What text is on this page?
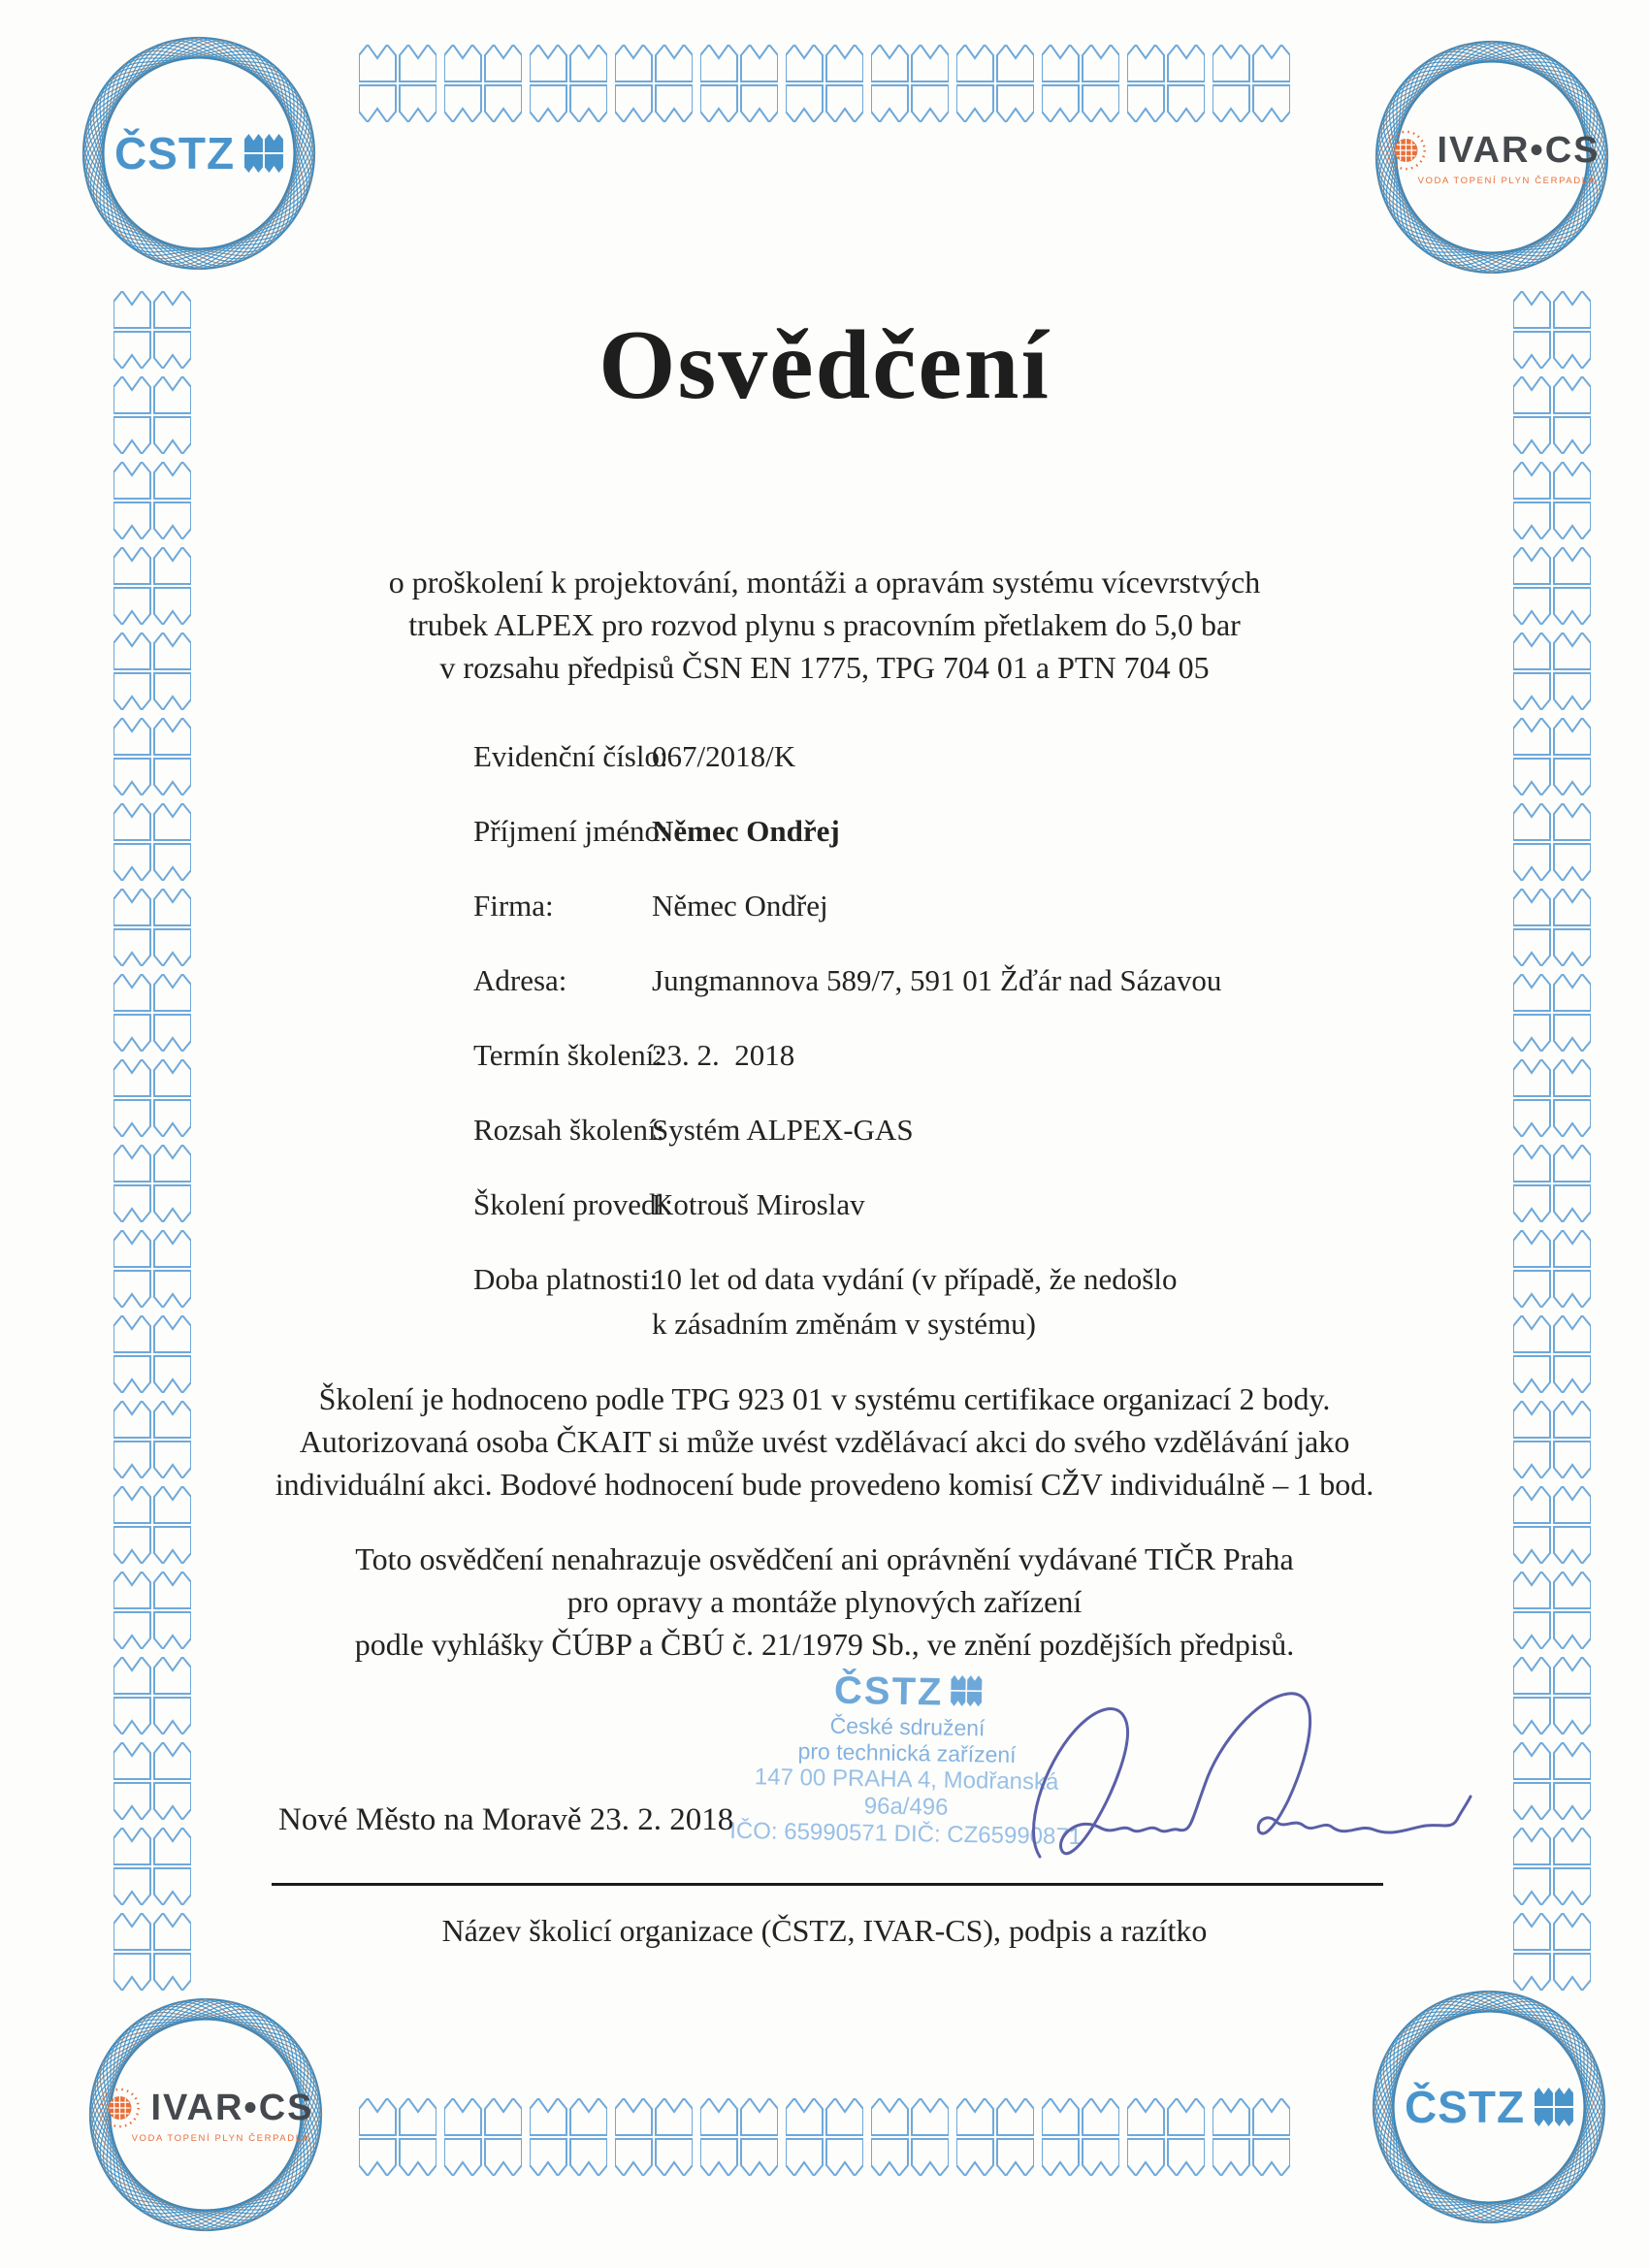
ČSTZ	IVAR•CS
VODA TOPENÍ PLYN ČERPADLA
IVAR•CS
VODA TOPENÍ PLYN ČERPADLA
ČSTZ
Osvědčení
o proškolení k projektování, montáži a opravám systému vícevrstvých
trubek ALPEX pro rozvod plynu s pracovním přetlakem do 5,0 bar
v rozsahu předpisů ČSN EN 1775, TPG 704 01 a PTN 704 05
Evidenční číslo:
067/2018/K
Příjmení jméno:
Němec Ondřej
Firma:	Němec Ondřej
Adresa:	Jungmannova 589/7, 591 01 Žďár nad Sázavou
Termín školení:
23. 2.  2018
Rozsah školení:
Systém ALPEX-GAS
Školení provedl:
Kotrouš Miroslav
Doba platnosti:
10 let od data vydání (v případě, že nedošlo
k zásadním změnám v systému)
Školení je hodnoceno podle TPG 923 01 v systému certifikace organizací 2 body.
Autorizovaná osoba ČKAIT si může uvést vzdělávací akci do svého vzdělávání jako
individuální akci. Bodové hodnocení bude provedeno komisí CŽV individuálně – 1 bod.
Toto osvědčení nenahrazuje osvědčení ani oprávnění vydávané TIČR Praha
pro opravy a montáže plynových zařízení
podle vyhlášky ČÚBP a ČBÚ č. 21/1979 Sb., ve znění pozdějších předpisů.
ČSTZ
České sdružení
pro technická zařízení
147 00 PRAHA 4, Modřanská 96a/496
IČO: 65990571 DIČ: CZ65990871
Nové Město na Moravě 23. 2. 2018
Název školicí organizace (ČSTZ, IVAR-CS), podpis a razítko
